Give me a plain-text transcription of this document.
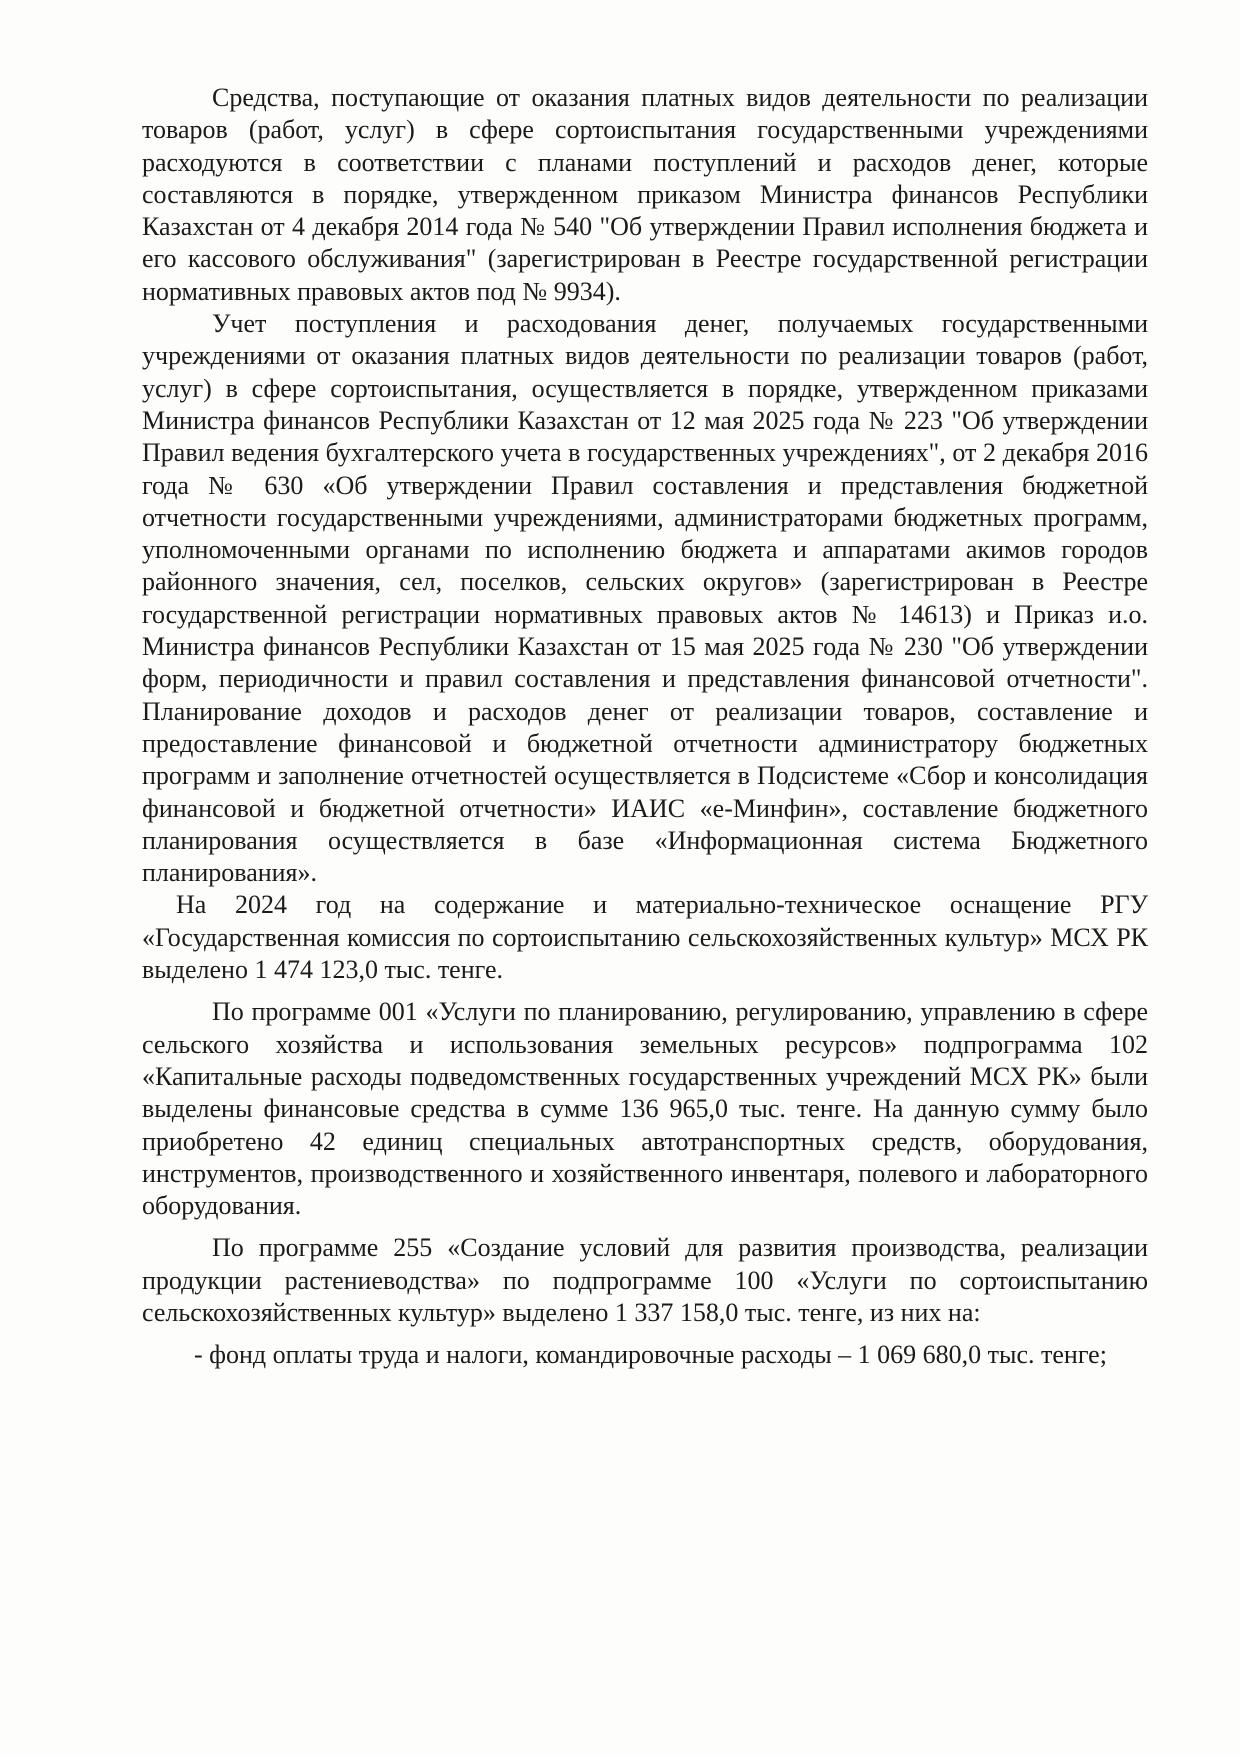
Средства, поступающие от оказания платных видов деятельности по реализации товаров (работ, услуг) в сфере сортоиспытания государственными учреждениями расходуются в соответствии с планами поступлений и расходов денег, которые составляются в порядке, утвержденном приказом Министра финансов Республики Казахстан от 4 декабря 2014 года № 540 "Об утверждении Правил исполнения бюджета и его кассового обслуживания" (зарегистрирован в Реестре государственной регистрации нормативных правовых актов под № 9934).

Учет поступления и расходования денег, получаемых государственными учреждениями от оказания платных видов деятельности по реализации товаров (работ, услуг) в сфере сортоиспытания, осуществляется в порядке, утвержденном приказами Министра финансов Республики Казахстан от 12 мая 2025 года № 223 "Об утверждении Правил ведения бухгалтерского учета в государственных учреждениях", от 2 декабря 2016 года № 630 «Об утверждении Правил составления и представления бюджетной отчетности государственными учреждениями, администраторами бюджетных программ, уполномоченными органами по исполнению бюджета и аппаратами акимов городов районного значения, сел, поселков, сельских округов» (зарегистрирован в Реестре государственной регистрации нормативных правовых актов № 14613) и Приказ и.о. Министра финансов Республики Казахстан от 15 мая 2025 года № 230 "Об утверждении форм, периодичности и правил составления и представления финансовой отчетности". Планирование доходов и расходов денег от реализации товаров, составление и предоставление финансовой и бюджетной отчетности администратору бюджетных программ и заполнение отчетностей осуществляется в Подсистеме «Сбор и консолидация финансовой и бюджетной отчетности» ИАИС «е-Минфин», составление бюджетного планирования осуществляется в базе «Информационная система Бюджетного планирования».

На 2024 год на содержание и материально-техническое оснащение РГУ «Государственная комиссия по сортоиспытанию сельскохозяйственных культур» МСХ РК выделено 1 474 123,0 тыс. тенге.

По программе 001 «Услуги по планированию, регулированию, управлению в сфере сельского хозяйства и использования земельных ресурсов» подпрограмма 102 «Капитальные расходы подведомственных государственных учреждений МСХ РК» были выделены финансовые средства в сумме 136 965,0 тыс. тенге. На данную сумму было приобретено 42 единиц специальных автотранспортных средств, оборудования, инструментов, производственного и хозяйственного инвентаря, полевого и лабораторного оборудования.

По программе 255 «Создание условий для развития производства, реализации продукции растениеводства» по подпрограмме 100 «Услуги по сортоиспытанию сельскохозяйственных культур» выделено 1 337 158,0 тыс. тенге, из них на:

- фонд оплаты труда и налоги, командировочные расходы – 1 069 680,0 тыс. тенге;
